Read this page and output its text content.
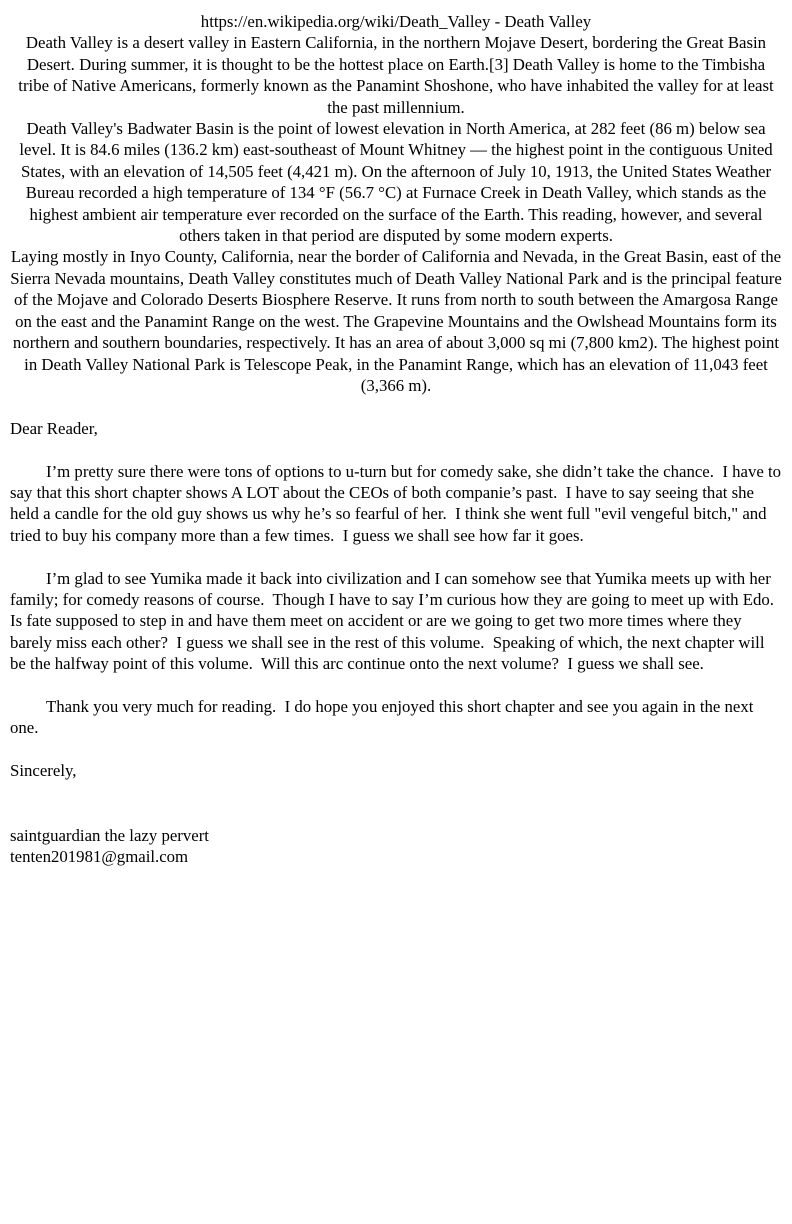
https://en.wikipedia.org/wiki/Death_Valley - Death Valley

Death Valley is a desert valley in Eastern California, in the northern Mojave Desert, bordering the Great Basin Desert. During summer, it is thought to be the hottest place on Earth.[3] Death Valley is home to the Timbisha tribe of Native Americans, formerly known as the Panamint Shoshone, who have inhabited the valley for at least the past millennium.

Death Valley's Badwater Basin is the point of lowest elevation in North America, at 282 feet (86 m) below sea level. It is 84.6 miles (136.2 km) east-southeast of Mount Whitney — the highest point in the contiguous United States, with an elevation of 14,505 feet (4,421 m). On the afternoon of July 10, 1913, the United States Weather Bureau recorded a high temperature of 134 °F (56.7 °C) at Furnace Creek in Death Valley, which stands as the highest ambient air temperature ever recorded on the surface of the Earth. This reading, however, and several others taken in that period are disputed by some modern experts.

Laying mostly in Inyo County, California, near the border of California and Nevada, in the Great Basin, east of the Sierra Nevada mountains, Death Valley constitutes much of Death Valley National Park and is the principal feature of the Mojave and Colorado Deserts Biosphere Reserve. It runs from north to south between the Amargosa Range on the east and the Panamint Range on the west. The Grapevine Mountains and the Owlshead Mountains form its northern and southern boundaries, respectively. It has an area of about 3,000 sq mi (7,800 km2). The highest point in Death Valley National Park is Telescope Peak, in the Panamint Range, which has an elevation of 11,043 feet (3,366 m).

Dear Reader,

I’m pretty sure there were tons of options to u-turn but for comedy sake, she didn’t take the chance.  I have to say that this short chapter shows A LOT about the CEOs of both companie’s past.  I have to say seeing that she held a candle for the old guy shows us why he’s so fearful of her.  I think she went full "evil vengeful bitch," and tried to buy his company more than a few times.  I guess we shall see how far it goes.

I’m glad to see Yumika made it back into civilization and I can somehow see that Yumika meets up with her family; for comedy reasons of course.  Though I have to say I’m curious how they are going to meet up with Edo.  Is fate supposed to step in and have them meet on accident or are we going to get two more times where they barely miss each other?  I guess we shall see in the rest of this volume.  Speaking of which, the next chapter will be the halfway point of this volume.  Will this arc continue onto the next volume?  I guess we shall see.

Thank you very much for reading.  I do hope you enjoyed this short chapter and see you again in the next one.

Sincerely,

saintguardian the lazy pervert

tenten201981@gmail.com
